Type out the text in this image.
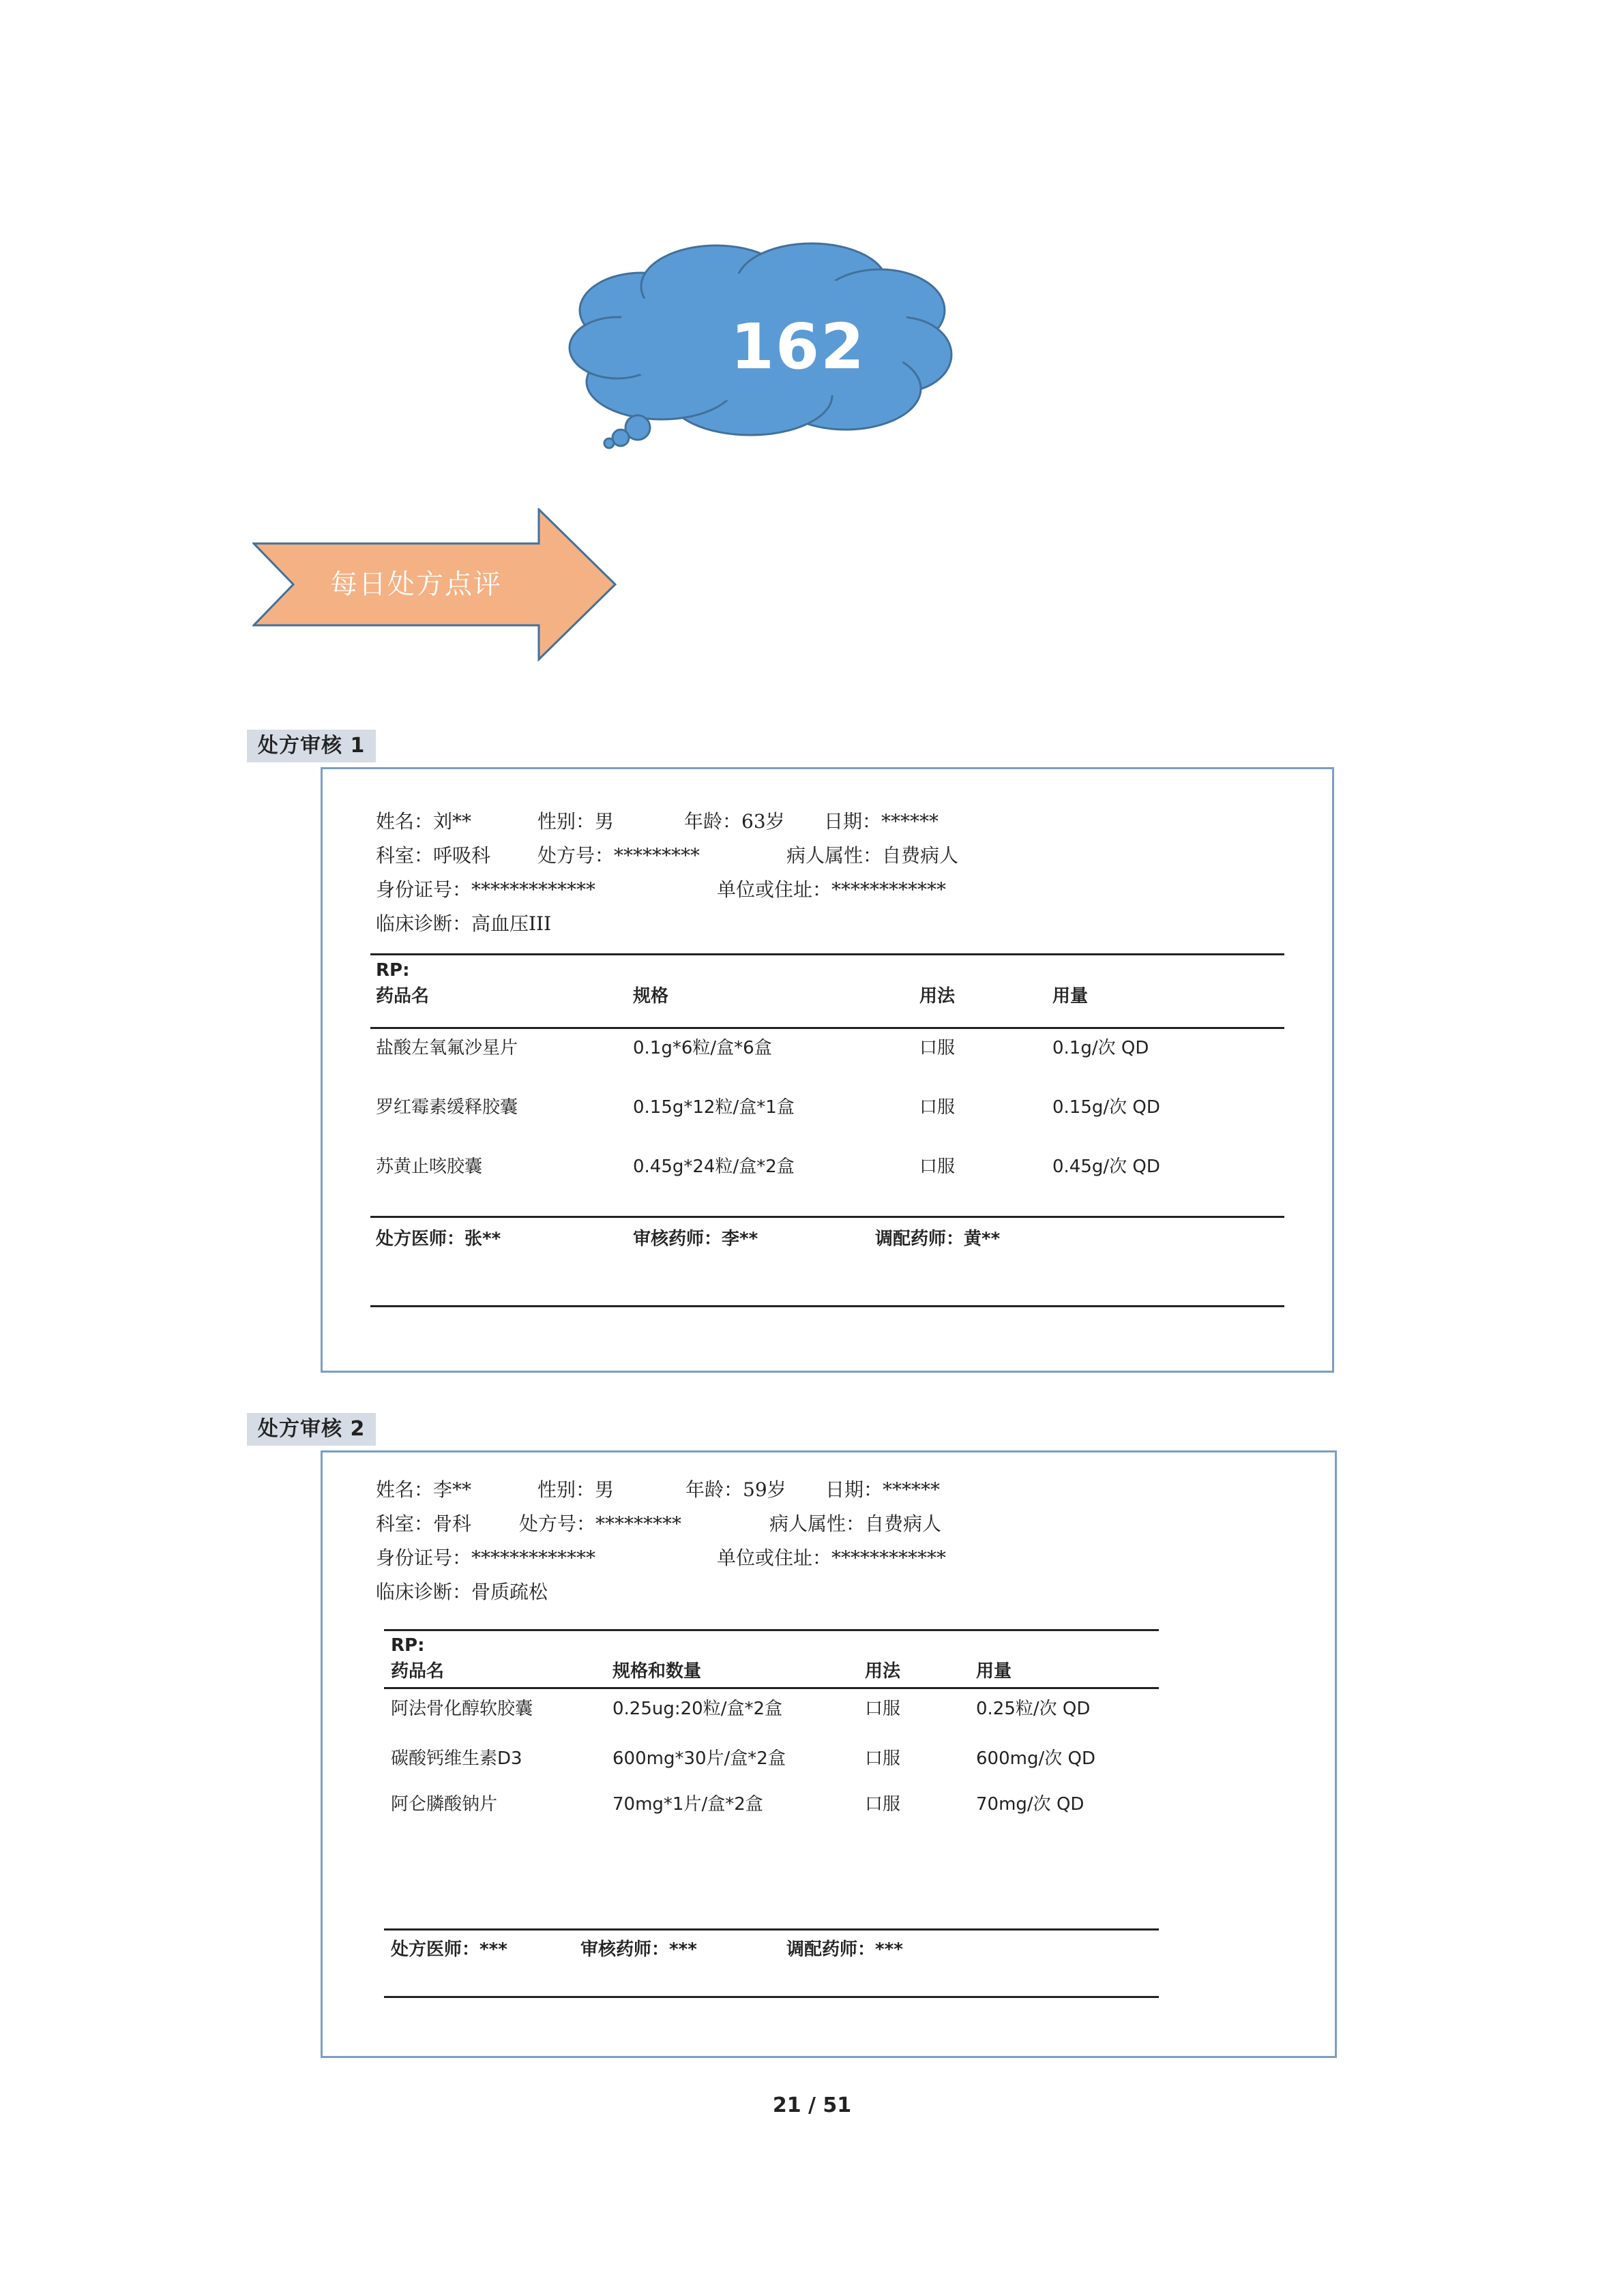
162
每日处方点评
处方审核 1
姓名：刘**	性别：男	年龄：63岁 日期：******
科室：呼吸科 处方号：*********	病人属性：自费病人
身份证号：*************	单位或住址：************
临床诊断：高血压III
RP:
药品名	规格	用法	用量
盐酸左氧氟沙星片	0.1g*6粒/盒*6盒	口服	0.1g/次 QD
罗红霉素缓释胶囊	0.15g*12粒/盒*1盒	口服	0.15g/次 QD
苏黄止咳胶囊	0.45g*24粒/盒*2盒	口服	0.45g/次 QD
处方医师：张**	审核药师：李**	调配药师：黄**
处方审核 2
姓名：李**	性别：男	年龄：59岁 日期：******
科室：骨科 处方号：*********	病人属性：自费病人
身份证号：*************	单位或住址：************
临床诊断：骨质疏松
RP:
药品名	规格和数量	用法	用量
阿法骨化醇软胶囊	0.25ug:20粒/盒*2盒	口服	0.25粒/次 QD
碳酸钙维生素D3	600mg*30片/盒*2盒	口服	600mg/次 QD
阿仑膦酸钠片	70mg*1片/盒*2盒	口服	70mg/次 QD
处方医师：***	审核药师：***	调配药师：***
21 / 51
